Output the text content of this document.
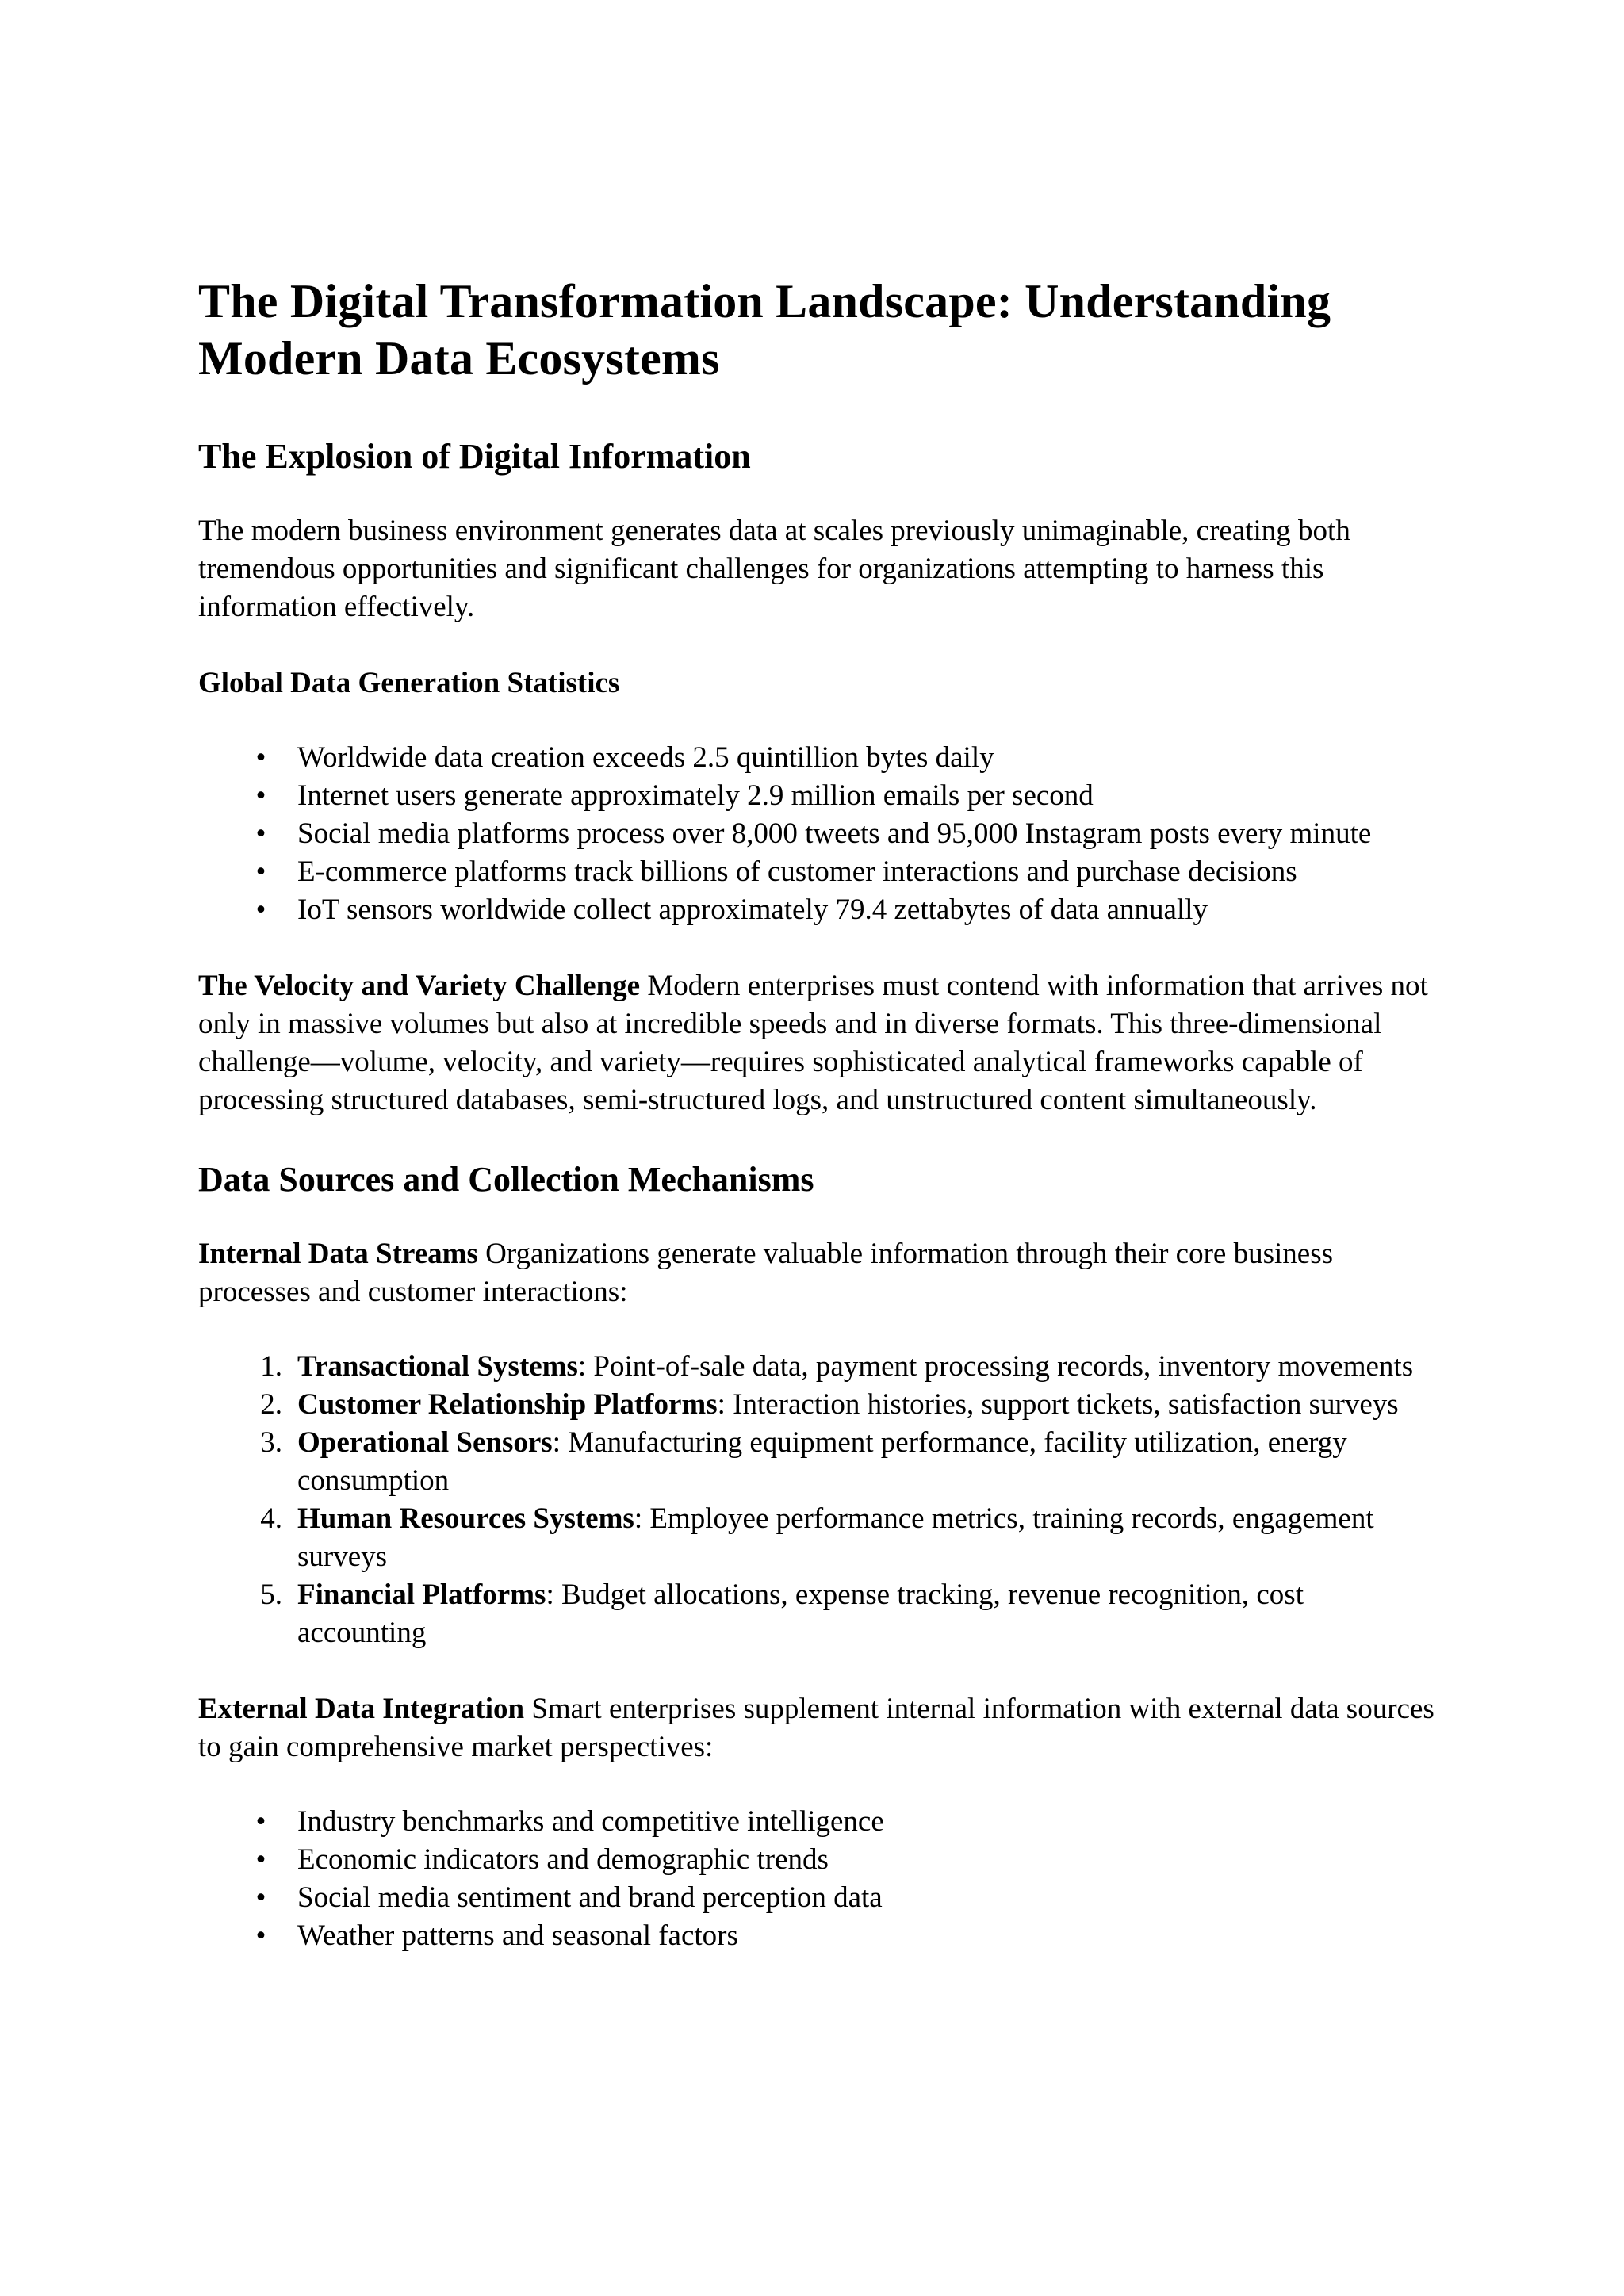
The Digital Transformation Landscape: Understanding Modern Data Ecosystems
The Explosion of Digital Information

The modern business environment generates data at scales previously unimaginable, creating both tremendous opportunities and significant challenges for organizations attempting to harness this information effectively.

Global Data Generation Statistics
• Worldwide data creation exceeds 2.5 quintillion bytes daily
• Internet users generate approximately 2.9 million emails per second
• Social media platforms process over 8,000 tweets and 95,000 Instagram posts every minute
• E-commerce platforms track billions of customer interactions and purchase decisions
• IoT sensors worldwide collect approximately 79.4 zettabytes of data annually

The Velocity and Variety Challenge Modern enterprises must contend with information that arrives not only in massive volumes but also at incredible speeds and in diverse formats. This three-dimensional challenge—volume, velocity, and variety—requires sophisticated analytical frameworks capable of processing structured databases, semi-structured logs, and unstructured content simultaneously.

Data Sources and Collection Mechanisms

Internal Data Streams Organizations generate valuable information through their core business processes and customer interactions:

1. Transactional Systems: Point-of-sale data, payment processing records, inventory movements
2. Customer Relationship Platforms: Interaction histories, support tickets, satisfaction surveys
3. Operational Sensors: Manufacturing equipment performance, facility utilization, energy consumption
4. Human Resources Systems: Employee performance metrics, training records, engagement surveys
5. Financial Platforms: Budget allocations, expense tracking, revenue recognition, cost accounting

External Data Integration Smart enterprises supplement internal information with external data sources to gain comprehensive market perspectives:

• Industry benchmarks and competitive intelligence
• Economic indicators and demographic trends
• Social media sentiment and brand perception data
• Weather patterns and seasonal factors
